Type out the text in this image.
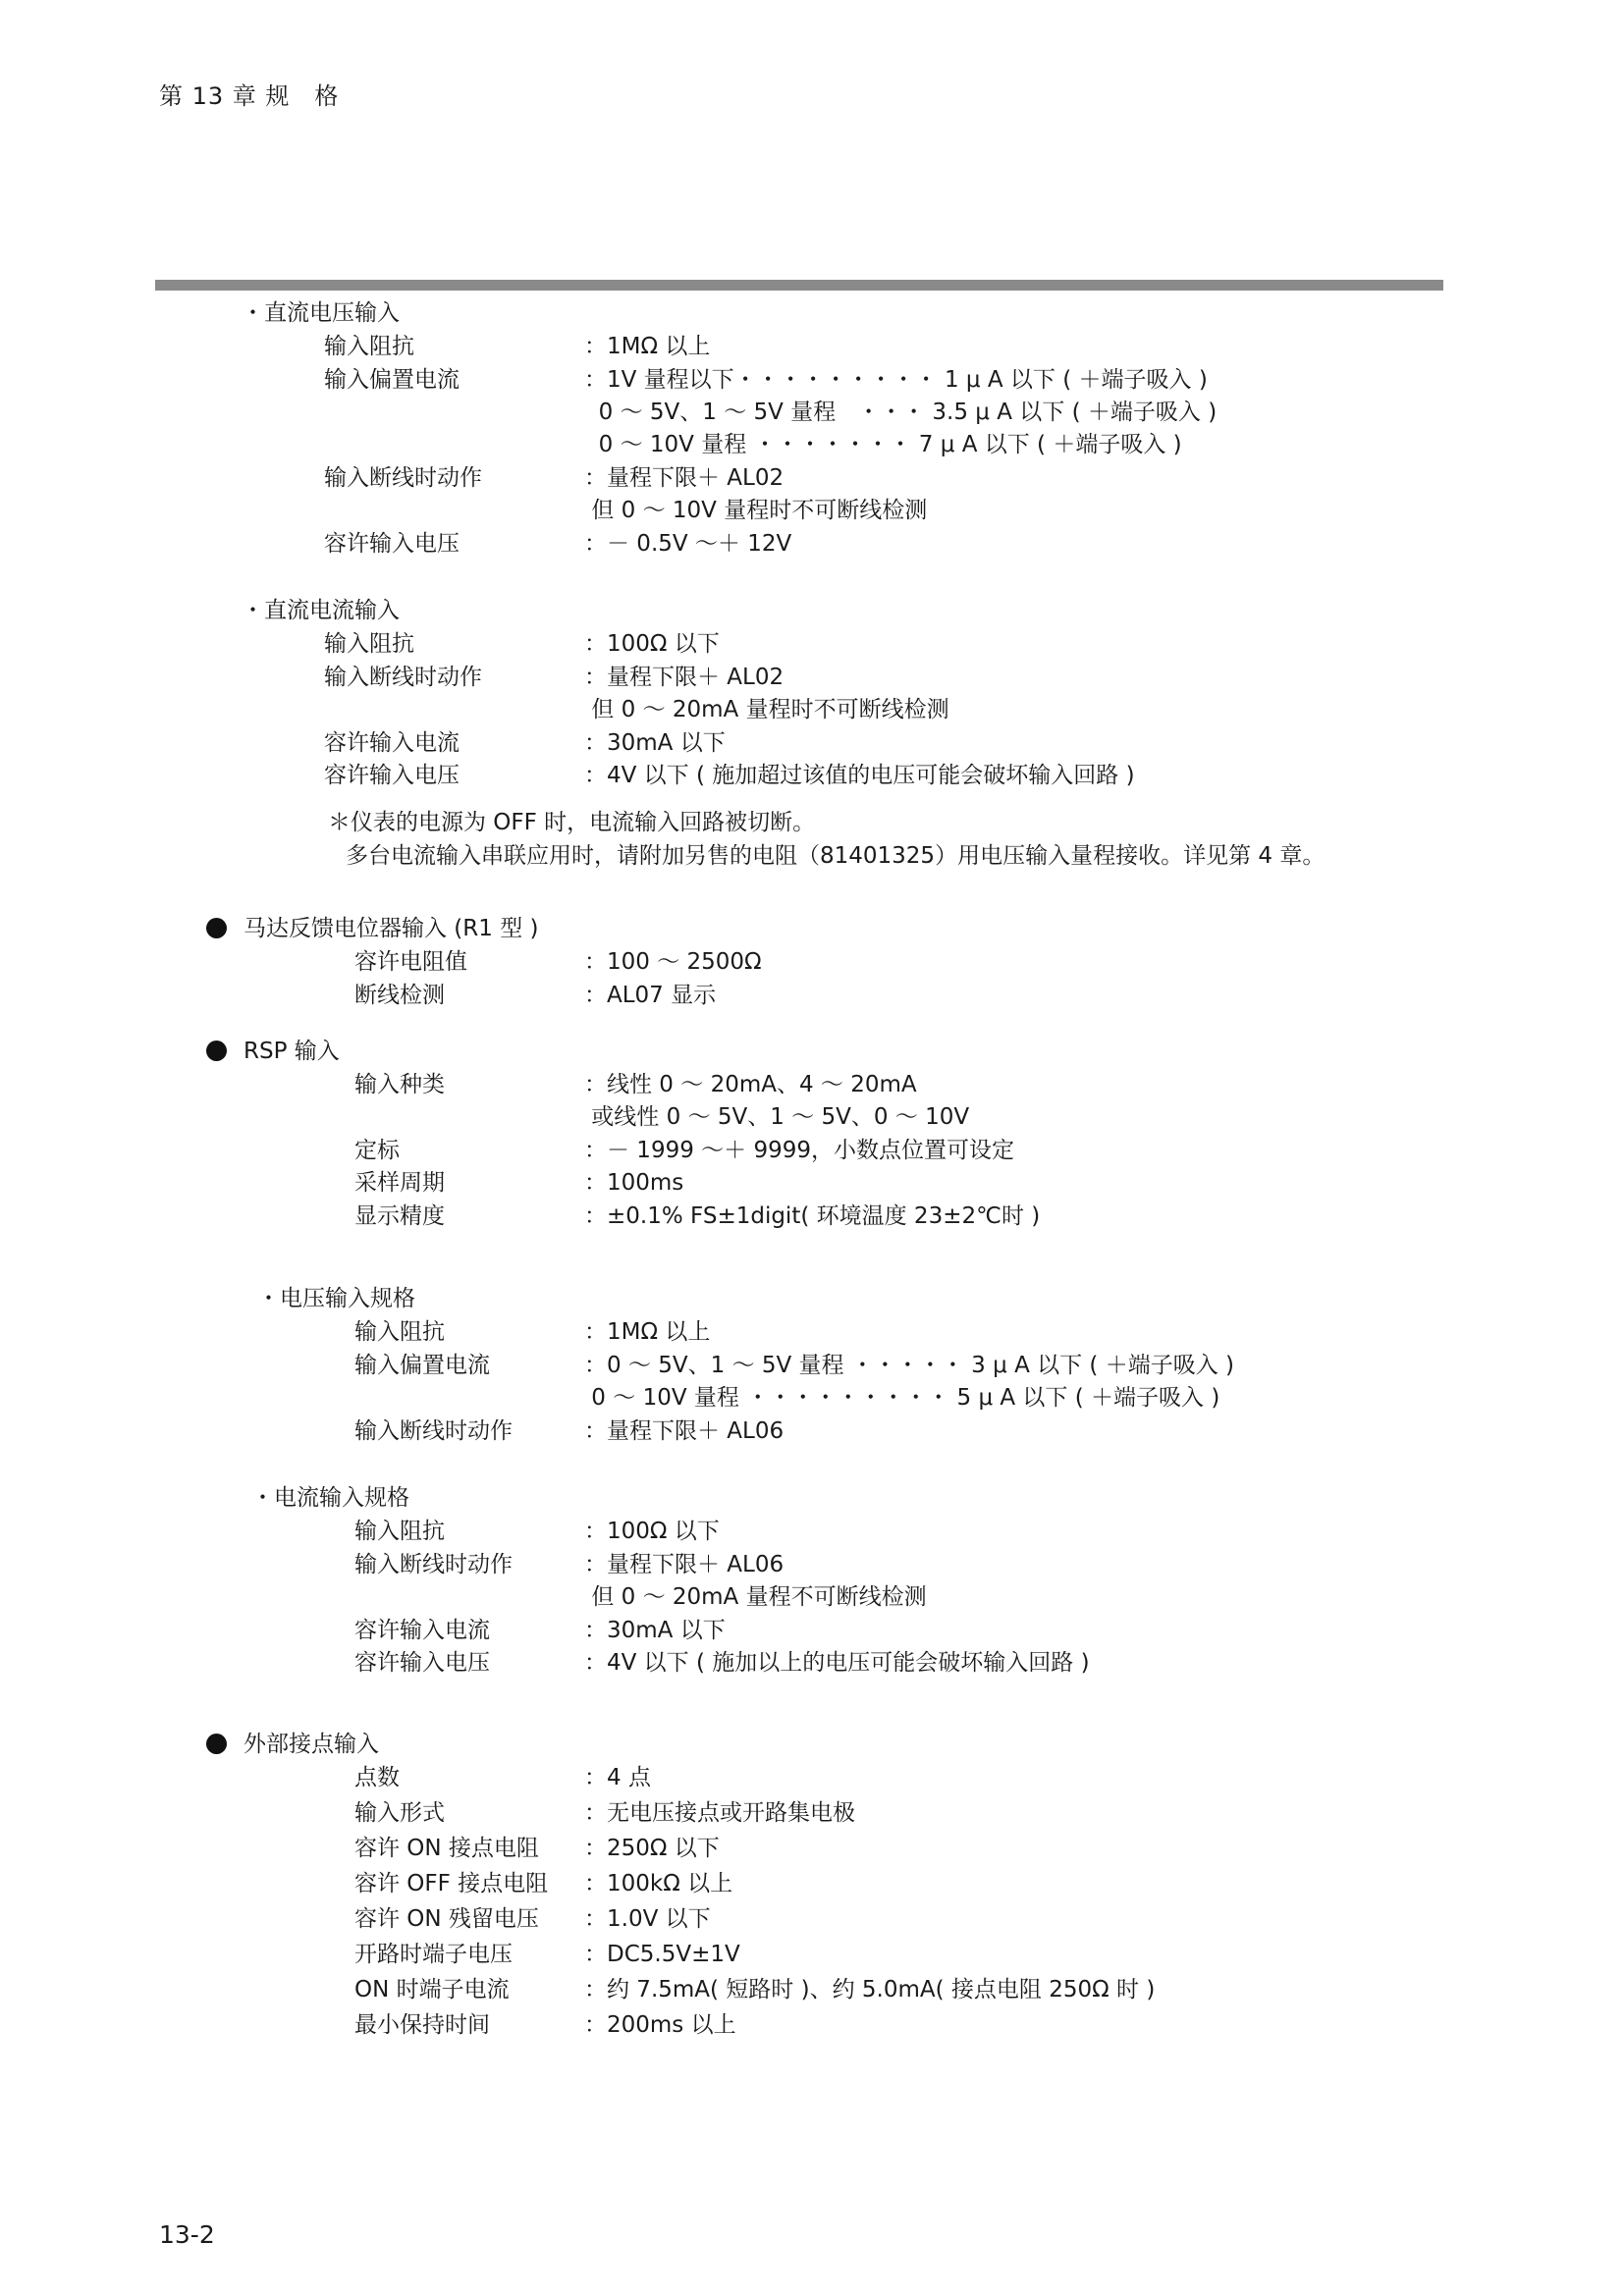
第 13 章 规　格
・直流电压输入
输入阻抗	：1MΩ 以上
输入偏置电流	：1V 量程以下・・・・・・・・・ 1 μ A 以下 ( ＋端子吸入 )
0 ～ 5V、1 ～ 5V 量程   ・・・ 3.5 μ A 以下 ( ＋端子吸入 )
0 ～ 10V 量程 ・・・・・・・ 7 μ A 以下 ( ＋端子吸入 )
输入断线时动作	：量程下限＋ AL02
但 0 ～ 10V 量程时不可断线检测
容许输入电压	：－ 0.5V ～＋ 12V
・直流电流输入
输入阻抗	：100Ω 以下
输入断线时动作	：量程下限＋ AL02
但 0 ～ 20mA 量程时不可断线检测
容许输入电流	：30mA 以下
容许输入电压	：4V 以下 ( 施加超过该值的电压可能会破坏输入回路 )
＊仪表的电源为 OFF 时，电流输入回路被切断。
多台电流输入串联应用时，请附加另售的电阻（81401325）用电压输入量程接收。详见第 4 章。
马达反馈电位器输入 (R1 型 )
容许电阻值	：100 ～ 2500Ω
断线检测	：AL07 显示
RSP 输入
输入种类	：线性 0 ～ 20mA、4 ～ 20mA
或线性 0 ～ 5V、1 ～ 5V、0 ～ 10V
定标	：－ 1999 ～＋ 9999，小数点位置可设定
采样周期	：100ms
显示精度	：±0.1% FS±1digit( 环境温度 23±2℃时 )
・电压输入规格
输入阻抗	：1MΩ 以上
输入偏置电流	：0 ～ 5V、1 ～ 5V 量程 ・・・・・ 3 μ A 以下 ( ＋端子吸入 )
0 ～ 10V 量程 ・・・・・・・・・ 5 μ A 以下 ( ＋端子吸入 )
输入断线时动作	：量程下限＋ AL06
・电流输入规格
输入阻抗	：100Ω 以下
输入断线时动作	：量程下限＋ AL06
但 0 ～ 20mA 量程不可断线检测
容许输入电流	：30mA 以下
容许输入电压	：4V 以下 ( 施加以上的电压可能会破坏输入回路 )
外部接点输入
点数	：4 点
输入形式	：无电压接点或开路集电极
容许 ON 接点电阻 ：250Ω 以下
容许 OFF 接点电阻 ：100kΩ 以上
容许 ON 残留电压 ：1.0V 以下
开路时端子电压	：DC5.5V±1V
ON 时端子电流	：约 7.5mA( 短路时 )、约 5.0mA( 接点电阻 250Ω 时 )
最小保持时间	：200ms 以上
13-2
